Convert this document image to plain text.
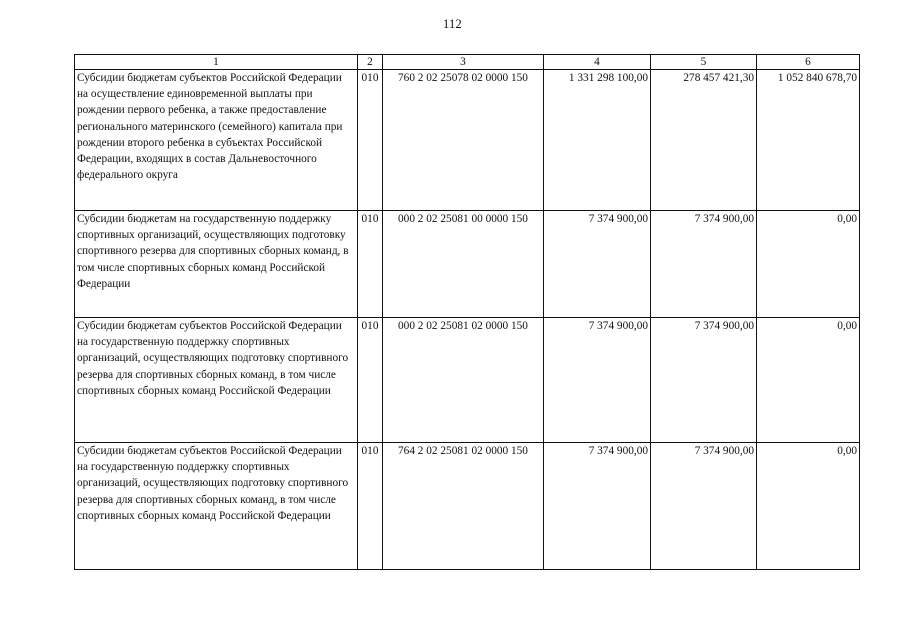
112
1	2	3	4	5	6
Субсидии бюджетам субъектов Российской Федерации на осуществление единовременной выплаты при рождении первого ребенка, а также предоставление регионального материнского (семейного) капитала при рождении второго ребенка в субъектах Российской Федерации, входящих в состав Дальневосточного федерального округа	010	760 2 02 25078 02 0000 150	1 331 298 100,00	278 457 421,30	1 052 840 678,70
Субсидии бюджетам на государственную поддержку спортивных организаций, осуществляющих подготовку спортивного резерва для спортивных сборных команд, в том числе спортивных сборных команд Российской Федерации	010	000 2 02 25081 00 0000 150	7 374 900,00	7 374 900,00	0,00
Субсидии бюджетам субъектов Российской Федерации на государственную поддержку спортивных организаций, осуществляющих подготовку спортивного резерва для спортивных сборных команд, в том числе спортивных сборных команд Российской Федерации	010	000 2 02 25081 02 0000 150	7 374 900,00	7 374 900,00	0,00
Субсидии бюджетам субъектов Российской Федерации на государственную поддержку спортивных организаций, осуществляющих подготовку спортивного резерва для спортивных сборных команд, в том числе спортивных сборных команд Российской Федерации	010	764 2 02 25081 02 0000 150	7 374 900,00	7 374 900,00	0,00
